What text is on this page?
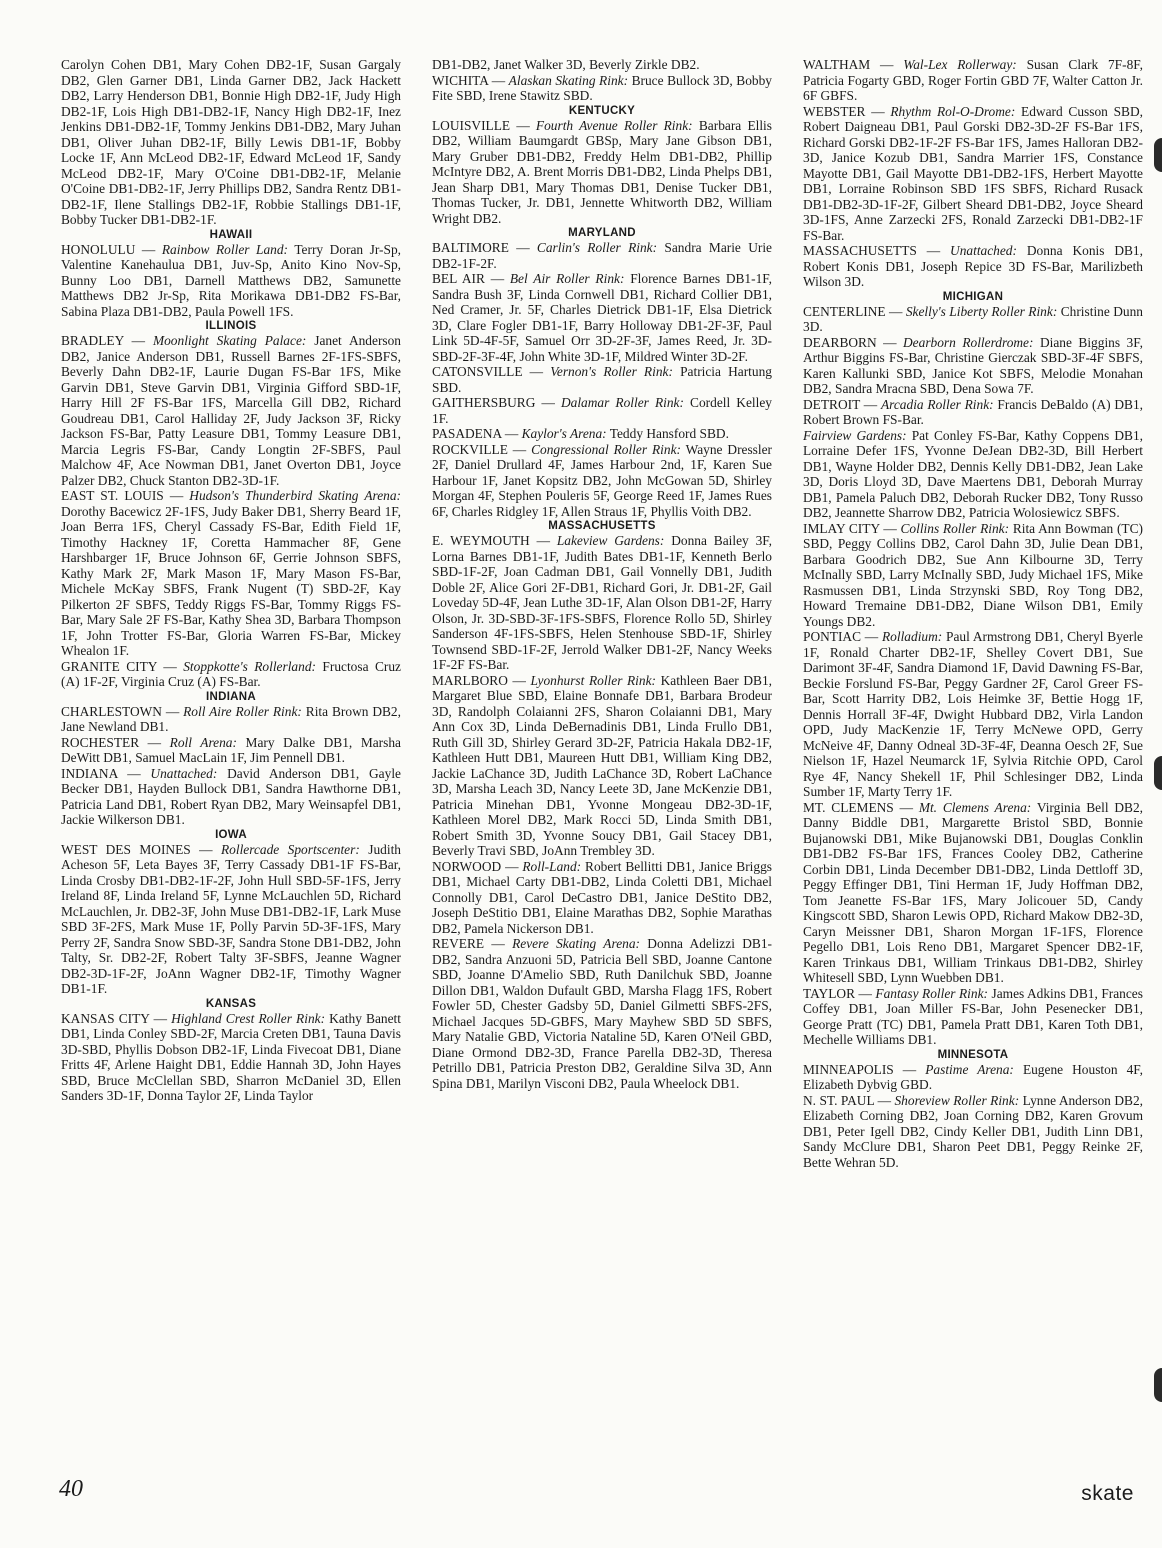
Carolyn Cohen DB1, Mary Cohen DB2-1F, Susan Gargaly DB2, Glen Garner DB1, Linda Garner DB2, Jack Hackett DB2, Larry Henderson DB1, Bonnie High DB2-1F, Judy High DB2-1F, Lois High DB1-DB2-1F, Nancy High DB2-1F, Inez Jenkins DB1-DB2-1F, Tommy Jenkins DB1-DB2, Mary Juhan DB1, Oliver Juhan DB2-1F, Billy Lewis DB1-1F, Bobby Locke 1F, Ann McLeod DB2-1F, Edward McLeod 1F, Sandy McLeod DB2-1F, Mary O'Coine DB1-DB2-1F, Melanie O'Coine DB1-DB2-1F, Jerry Phillips DB2, Sandra Rentz DB1-DB2-1F, Ilene Stallings DB2-1F, Robbie Stallings DB1-1F, Bobby Tucker DB1-DB2-1F.

HAWAII

HONOLULU — Rainbow Roller Land: Terry Doran Jr-Sp, Valentine Kanehaulua DB1, Juv-Sp, Anito Kino Nov-Sp, Bunny Loo DB1, Darnell Matthews DB2, Samunette Matthews DB2 Jr-Sp, Rita Morikawa DB1-DB2 FS-Bar, Sabina Plaza DB1-DB2, Paula Powell 1FS.

ILLINOIS

BRADLEY — Moonlight Skating Palace: Janet Anderson DB2, Janice Anderson DB1, Russell Barnes 2F-1FS-SBFS, Beverly Dahn DB2-1F, Laurie Dugan FS-Bar 1FS, Mike Garvin DB1, Steve Garvin DB1, Virginia Gifford SBD-1F, Harry Hill 2F FS-Bar 1FS, Marcella Gill DB2, Richard Goudreau DB1, Carol Halliday 2F, Judy Jackson 3F, Ricky Jackson FS-Bar, Patty Leasure DB1, Tommy Leasure DB1, Marcia Legris FS-Bar, Candy Longtin 2F-SBFS, Paul Malchow 4F, Ace Nowman DB1, Janet Overton DB1, Joyce Palzer DB2, Chuck Stanton DB2-3D-1F.

EAST ST. LOUIS — Hudson's Thunderbird Skating Arena: Dorothy Bacewicz 2F-1FS, Judy Baker DB1, Sherry Beard 1F, Joan Berra 1FS, Cheryl Cassady FS-Bar, Edith Field 1F, Timothy Hackney 1F, Coretta Hammacher 8F, Gene Harshbarger 1F, Bruce Johnson 6F, Gerrie Johnson SBFS, Kathy Mark 2F, Mark Mason 1F, Mary Mason FS-Bar, Michele McKay SBFS, Frank Nugent (T) SBD-2F, Kay Pilkerton 2F SBFS, Teddy Riggs FS-Bar, Tommy Riggs FS-Bar, Mary Sale 2F FS-Bar, Kathy Shea 3D, Barbara Thompson 1F, John Trotter FS-Bar, Gloria Warren FS-Bar, Mickey Whealon 1F.

GRANITE CITY — Stoppkotte's Rollerland: Fructosa Cruz (A) 1F-2F, Virginia Cruz (A) FS-Bar.

INDIANA

CHARLESTOWN — Roll Aire Roller Rink: Rita Brown DB2, Jane Newland DB1.

ROCHESTER — Roll Arena: Mary Dalke DB1, Marsha DeWitt DB1, Samuel MacLain 1F, Jim Pennell DB1.

INDIANA — Unattached: David Anderson DB1, Gayle Becker DB1, Hayden Bullock DB1, Sandra Hawthorne DB1, Patricia Land DB1, Robert Ryan DB2, Mary Weinsapfel DB1, Jackie Wilkerson DB1.

IOWA

WEST DES MOINES — Rollercade Sportscenter: Judith Acheson 5F, Leta Bayes 3F, Terry Cassady DB1-1F FS-Bar, Linda Crosby DB1-DB2-1F-2F, John Hull SBD-5F-1FS, Jerry Ireland 8F, Linda Ireland 5F, Lynne McLauchlen 5D, Richard McLauchlen, Jr. DB2-3F, John Muse DB1-DB2-1F, Lark Muse SBD 3F-2FS, Mark Muse 1F, Polly Parvin 5D-3F-1FS, Mary Perry 2F, Sandra Snow SBD-3F, Sandra Stone DB1-DB2, John Talty, Sr. DB2-2F, Robert Talty 3F-SBFS, Jeanne Wagner DB2-3D-1F-2F, JoAnn Wagner DB2-1F, Timothy Wagner DB1-1F.

KANSAS

KANSAS CITY — Highland Crest Roller Rink: Kathy Banett DB1, Linda Conley SBD-2F, Marcia Creten DB1, Tauna Davis 3D-SBD, Phyllis Dobson DB2-1F, Linda Fivecoat DB1, Diane Fritts 4F, Arlene Haight DB1, Eddie Hannah 3D, John Hayes SBD, Bruce McClellan SBD, Sharron McDaniel 3D, Ellen Sanders 3D-1F, Donna Taylor 2F, Linda Taylor

DB1-DB2, Janet Walker 3D, Beverly Zirkle DB2.

WICHITA — Alaskan Skating Rink: Bruce Bullock 3D, Bobby Fite SBD, Irene Stawitz SBD.

KENTUCKY

LOUISVILLE — Fourth Avenue Roller Rink: Barbara Ellis DB2, William Baumgardt GBSp, Mary Jane Gibson DB1, Mary Gruber DB1-DB2, Freddy Helm DB1-DB2, Phillip McIntyre DB2, A. Brent Morris DB1-DB2, Linda Phelps DB1, Jean Sharp DB1, Mary Thomas DB1, Denise Tucker DB1, Thomas Tucker, Jr. DB1, Jennette Whitworth DB2, William Wright DB2.

MARYLAND

BALTIMORE — Carlin's Roller Rink: Sandra Marie Urie DB2-1F-2F.

BEL AIR — Bel Air Roller Rink: Florence Barnes DB1-1F, Sandra Bush 3F, Linda Cornwell DB1, Richard Collier DB1, Ned Cramer, Jr. 5F, Charles Dietrick DB1-1F, Elsa Dietrick 3D, Clare Fogler DB1-1F, Barry Holloway DB1-2F-3F, Paul Link 5D-4F-5F, Samuel Orr 3D-2F-3F, James Reed, Jr. 3D-SBD-2F-3F-4F, John White 3D-1F, Mildred Winter 3D-2F.

CATONSVILLE — Vernon's Roller Rink: Patricia Hartung SBD.

GAITHERSBURG — Dalamar Roller Rink: Cordell Kelley 1F.

PASADENA — Kaylor's Arena: Teddy Hansford SBD.

ROCKVILLE — Congressional Roller Rink: Wayne Dressler 2F, Daniel Drullard 4F, James Harbour 2nd, 1F, Karen Sue Harbour 1F, Janet Kopsitz DB2, John McGowan 5D, Shirley Morgan 4F, Stephen Pouleris 5F, George Reed 1F, James Rues 6F, Charles Ridgley 1F, Allen Straus 1F, Phyllis Voith DB2.

MASSACHUSETTS

E. WEYMOUTH — Lakeview Gardens: Donna Bailey 3F, Lorna Barnes DB1-1F, Judith Bates DB1-1F, Kenneth Berlo SBD-1F-2F, Joan Cadman DB1, Gail Vonnelly DB1, Judith Doble 2F, Alice Gori 2F-DB1, Richard Gori, Jr. DB1-2F, Gail Loveday 5D-4F, Jean Luthe 3D-1F, Alan Olson DB1-2F, Harry Olson, Jr. 3D-SBD-3F-1FS-SBFS, Florence Rollo 5D, Shirley Sanderson 4F-1FS-SBFS, Helen Stenhouse SBD-1F, Shirley Townsend SBD-1F-2F, Jerrold Walker DB1-2F, Nancy Weeks 1F-2F FS-Bar.

MARLBORO — Lyonhurst Roller Rink: Kathleen Baer DB1, Margaret Blue SBD, Elaine Bonnafe DB1, Barbara Brodeur 3D, Randolph Colaianni 2FS, Sharon Colaianni DB1, Mary Ann Cox 3D, Linda DeBernadinis DB1, Linda Frullo DB1, Ruth Gill 3D, Shirley Gerard 3D-2F, Patricia Hakala DB2-1F, Kathleen Hutt DB1, Maureen Hutt DB1, William King DB2, Jackie LaChance 3D, Judith LaChance 3D, Robert LaChance 3D, Marsha Leach 3D, Nancy Leete 3D, Jane McKenzie DB1, Patricia Minehan DB1, Yvonne Mongeau DB2-3D-1F, Kathleen Morel DB2, Mark Rocci 5D, Linda Smith DB1, Robert Smith 3D, Yvonne Soucy DB1, Gail Stacey DB1, Beverly Travi SBD, JoAnn Trembley 3D.

NORWOOD — Roll-Land: Robert Bellitti DB1, Janice Briggs DB1, Michael Carty DB1-DB2, Linda Coletti DB1, Michael Connolly DB1, Carol DeCastro DB1, Janice DeStito DB2, Joseph DeStitio DB1, Elaine Marathas DB2, Sophie Marathas DB2, Pamela Nickerson DB1.

REVERE — Revere Skating Arena: Donna Adelizzi DB1-DB2, Sandra Anzuoni 5D, Patricia Bell SBD, Joanne Cantone SBD, Joanne D'Amelio SBD, Ruth Danilchuk SBD, Joanne Dillon DB1, Waldon Dufault GBD, Marsha Flagg 1FS, Robert Fowler 5D, Chester Gadsby 5D, Daniel Gilmetti SBFS-2FS, Michael Jacques 5D-GBFS, Mary Mayhew SBD 5D SBFS, Mary Natalie GBD, Victoria Nataline 5D, Karen O'Neil GBD, Diane Ormond DB2-3D, France Parella DB2-3D, Theresa Petrillo DB1, Patricia Preston DB2, Geraldine Silva 3D, Ann Spina DB1, Marilyn Visconi DB2, Paula Wheelock DB1.

WALTHAM — Wal-Lex Rollerway: Susan Clark 7F-8F, Patricia Fogarty GBD, Roger Fortin GBD 7F, Walter Catton Jr. 6F GBFS.

WEBSTER — Rhythm Rol-O-Drome: Edward Cusson SBD, Robert Daigneau DB1, Paul Gorski DB2-3D-2F FS-Bar 1FS, Richard Gorski DB2-1F-2F FS-Bar 1FS, James Halloran DB2-3D, Janice Kozub DB1, Sandra Marrier 1FS, Constance Mayotte DB1, Gail Mayotte DB1-DB2-1FS, Herbert Mayotte DB1, Lorraine Robinson SBD 1FS SBFS, Richard Rusack DB1-DB2-3D-1F-2F, Gilbert Sheard DB1-DB2, Joyce Sheard 3D-1FS, Anne Zarzecki 2FS, Ronald Zarzecki DB1-DB2-1F FS-Bar.

MASSACHUSETTS — Unattached: Donna Konis DB1, Robert Konis DB1, Joseph Repice 3D FS-Bar, Marilizbeth Wilson 3D.

MICHIGAN

CENTERLINE — Skelly's Liberty Roller Rink: Christine Dunn 3D.

DEARBORN — Dearborn Rollerdrome: Diane Biggins 3F, Arthur Biggins FS-Bar, Christine Gierczak SBD-3F-4F SBFS, Karen Kallunki SBD, Janice Kot SBFS, Melodie Monahan DB2, Sandra Mracna SBD, Dena Sowa 7F.

DETROIT — Arcadia Roller Rink: Francis DeBaldo (A) DB1, Robert Brown FS-Bar.

Fairview Gardens: Pat Conley FS-Bar, Kathy Coppens DB1, Lorraine Defer 1FS, Yvonne DeJean DB2-3D, Bill Herbert DB1, Wayne Holder DB2, Dennis Kelly DB1-DB2, Jean Lake 3D, Doris Lloyd 3D, Dave Maertens DB1, Deborah Murray DB1, Pamela Paluch DB2, Deborah Rucker DB2, Tony Russo DB2, Jeannette Sharrow DB2, Patricia Wolosiewicz SBFS.

IMLAY CITY — Collins Roller Rink: Rita Ann Bowman (TC) SBD, Peggy Collins DB2, Carol Dahn 3D, Julie Dean DB1, Barbara Goodrich DB2, Sue Ann Kilbourne 3D, Terry McInally SBD, Larry McInally SBD, Judy Michael 1FS, Mike Rasmussen DB1, Linda Strzynski SBD, Roy Tong DB2, Howard Tremaine DB1-DB2, Diane Wilson DB1, Emily Youngs DB2.

PONTIAC — Rolladium: Paul Armstrong DB1, Cheryl Byerle 1F, Ronald Charter DB2-1F, Shelley Covert DB1, Sue Darimont 3F-4F, Sandra Diamond 1F, David Dawning FS-Bar, Beckie Forslund FS-Bar, Peggy Gardner 2F, Carol Greer FS-Bar, Scott Harrity DB2, Lois Heimke 3F, Bettie Hogg 1F, Dennis Horrall 3F-4F, Dwight Hubbard DB2, Virla Landon OPD, Judy MacKenzie 1F, Terry McNewe OPD, Gerry McNeive 4F, Danny Odneal 3D-3F-4F, Deanna Oesch 2F, Sue Nielson 1F, Hazel Neumarck 1F, Sylvia Ritchie OPD, Carol Rye 4F, Nancy Shekell 1F, Phil Schlesinger DB2, Linda Sumber 1F, Marty Terry 1F.

MT. CLEMENS — Mt. Clemens Arena: Virginia Bell DB2, Danny Biddle DB1, Margarette Bristol SBD, Bonnie Bujanowski DB1, Mike Bujanowski DB1, Douglas Conklin DB1-DB2 FS-Bar 1FS, Frances Cooley DB2, Catherine Corbin DB1, Linda December DB1-DB2, Linda Dettloff 3D, Peggy Effinger DB1, Tini Herman 1F, Judy Hoffman DB2, Tom Jeanette FS-Bar 1FS, Mary Jolicouer 5D, Candy Kingscott SBD, Sharon Lewis OPD, Richard Makow DB2-3D, Caryn Meissner DB1, Sharon Morgan 1F-1FS, Florence Pegello DB1, Lois Reno DB1, Margaret Spencer DB2-1F, Karen Trinkaus DB1, William Trinkaus DB1-DB2, Shirley Whitesell SBD, Lynn Wuebben DB1.

TAYLOR — Fantasy Roller Rink: James Adkins DB1, Frances Coffey DB1, Joan Miller FS-Bar, John Pesenecker DB1, George Pratt (TC) DB1, Pamela Pratt DB1, Karen Toth DB1, Mechelle Williams DB1.

MINNESOTA

MINNEAPOLIS — Pastime Arena: Eugene Houston 4F, Elizabeth Dybvig GBD.

N. ST. PAUL — Shoreview Roller Rink: Lynne Anderson DB2, Elizabeth Corning DB2, Joan Corning DB2, Karen Grovum DB1, Peter Igell DB2, Cindy Keller DB1, Judith Linn DB1, Sandy McClure DB1, Sharon Peet DB1, Peggy Reinke 2F, Bette Wehran 5D.

40	skate
